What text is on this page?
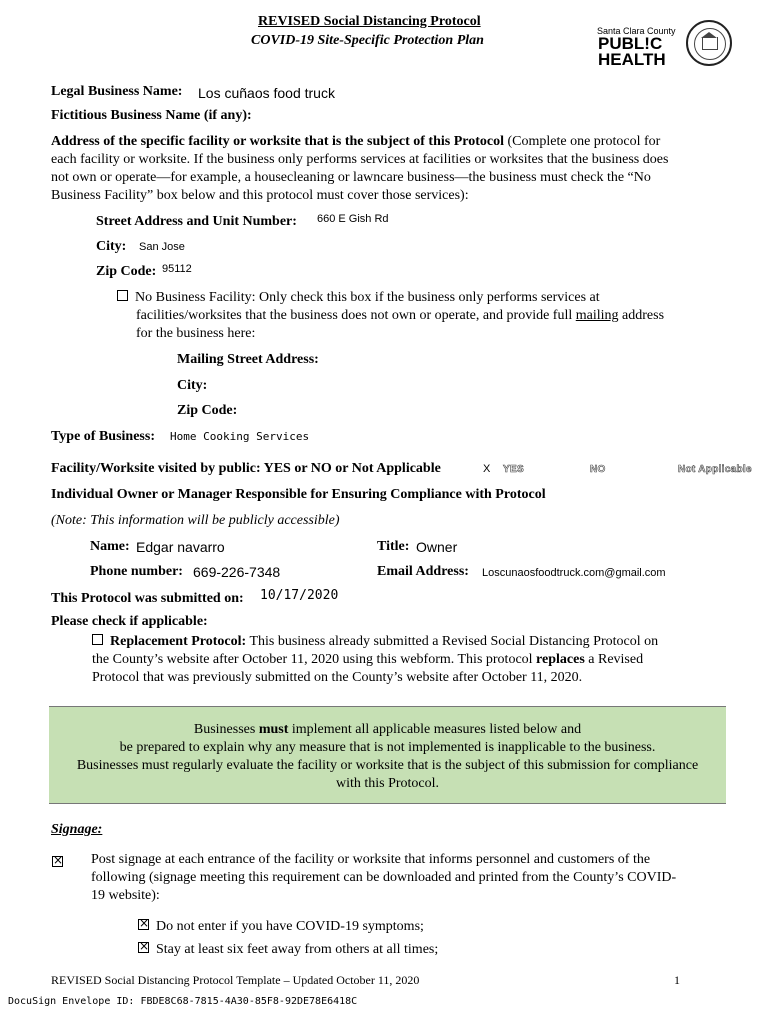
REVISED Social Distancing Protocol
COVID-19 Site-Specific Protection Plan
Santa Clara County
PUBL!C
HEALTH
Legal Business Name: Los cuñaos food truck
Fictitious Business Name (if any):
Address of the specific facility or worksite that is the subject of this Protocol (Complete one protocol for
each facility or worksite. If the business only performs services at facilities or worksites that the business does
not own or operate—for example, a housecleaning or lawncare business—the business must check the “No
Business Facility” box below and this protocol must cover those services):
Street Address and Unit Number: 660 E Gish Rd
City: San Jose
Zip Code: 95112
No Business Facility: Only check this box if the business only performs services at
facilities/worksites that the business does not own or operate, and provide full mailing address
for the business here:
Mailing Street Address:
City:
Zip Code:
Type of Business: Home Cooking Services
Facility/Worksite visited by public: YES or NO or Not Applicable	X YES	NO	Not Applicable
Individual Owner or Manager Responsible for Ensuring Compliance with Protocol
(Note: This information will be publicly accessible)
Name: Edgar navarro	Title: Owner
Phone number: 669-226-7348	Email Address: Loscunaosfoodtruck.com@gmail.com
This Protocol was submitted on: 10/17/2020
Please check if applicable:
Replacement Protocol: This business already submitted a Revised Social Distancing Protocol on
the County’s website after October 11, 2020 using this webform. This protocol replaces a Revised
Protocol that was previously submitted on the County’s website after October 11, 2020.
Businesses must implement all applicable measures listed below and
be prepared to explain why any measure that is not implemented is inapplicable to the business.
Businesses must regularly evaluate the facility or worksite that is the subject of this submission for compliance
with this Protocol.
Signage:
×
Post signage at each entrance of the facility or worksite that informs personnel and customers of the
following (signage meeting this requirement can be downloaded and printed from the County’s COVID-
19 website):
×Do not enter if you have COVID-19 symptoms;
×Stay at least six feet away from others at all times;
REVISED Social Distancing Protocol Template – Updated October 11, 2020	1
DocuSign Envelope ID: FBDE8C68-7815-4A30-85F8-92DE78E6418C
